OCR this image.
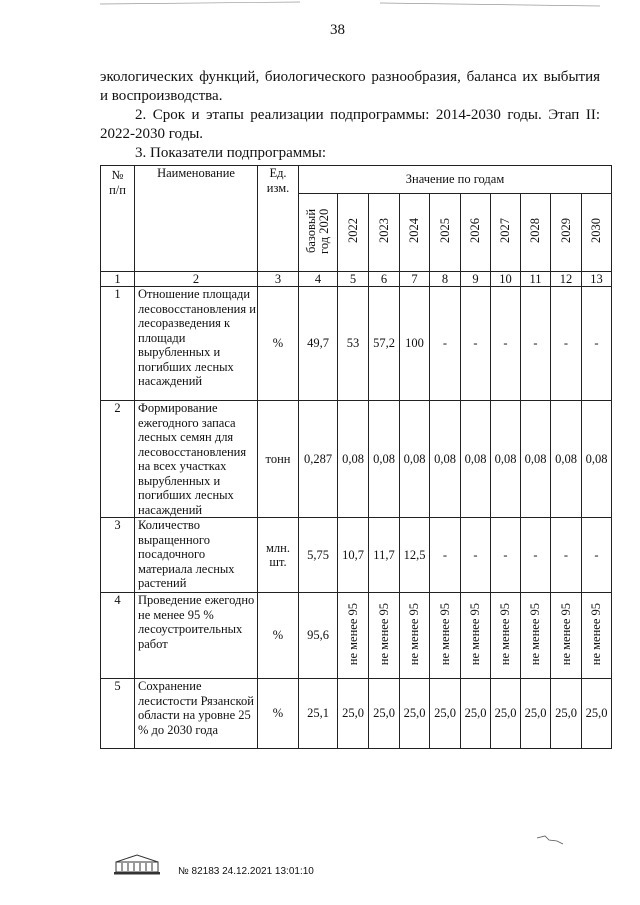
38
экологических функций, биологического разнообразия, баланса их выбытия
и воспроизводства.
2. Срок и этапы реализации подпрограммы: 2014-2030 годы. Этап II:
2022-2030 годы.
3. Показатели подпрограммы:
№ п/п	Наименование	Ед. изм.	Значение по годам									
			базовый год 2020	2022	2023	2024	2025	2026	2027	2028	2029	2030
1	2	3	4	5	6	7	8	9	10	11	12	13
1	Отношение площади лесовосстановления и лесоразведения к площади вырубленных и погибших лесных насаждений	%	49,7	53	57,2	100	-	-	-	-	-	-
2	Формирование ежегодного запаса лесных семян для лесовосстановления на всех участках вырубленных и погибших лесных насаждений	тонн	0,287	0,08	0,08	0,08	0,08	0,08	0,08	0,08	0,08	0,08
3	Количество выращенного посадочного материала лесных растений	млн. шт.	5,75	10,7	11,7	12,5	-	-	-	-	-	-
4	Проведение ежегодно не менее 95 % лесоустроительных работ	%	95,6	не менее 95	не менее 95	не менее 95	не менее 95	не менее 95	не менее 95	не менее 95	не менее 95	не менее 95
5	Сохранение лесистости Рязанской области на уровне 25 % до 2030 года	%	25,1	25,0	25,0	25,0	25,0	25,0	25,0	25,0	25,0	25,0
№ 82183 24.12.2021 13:01:10
